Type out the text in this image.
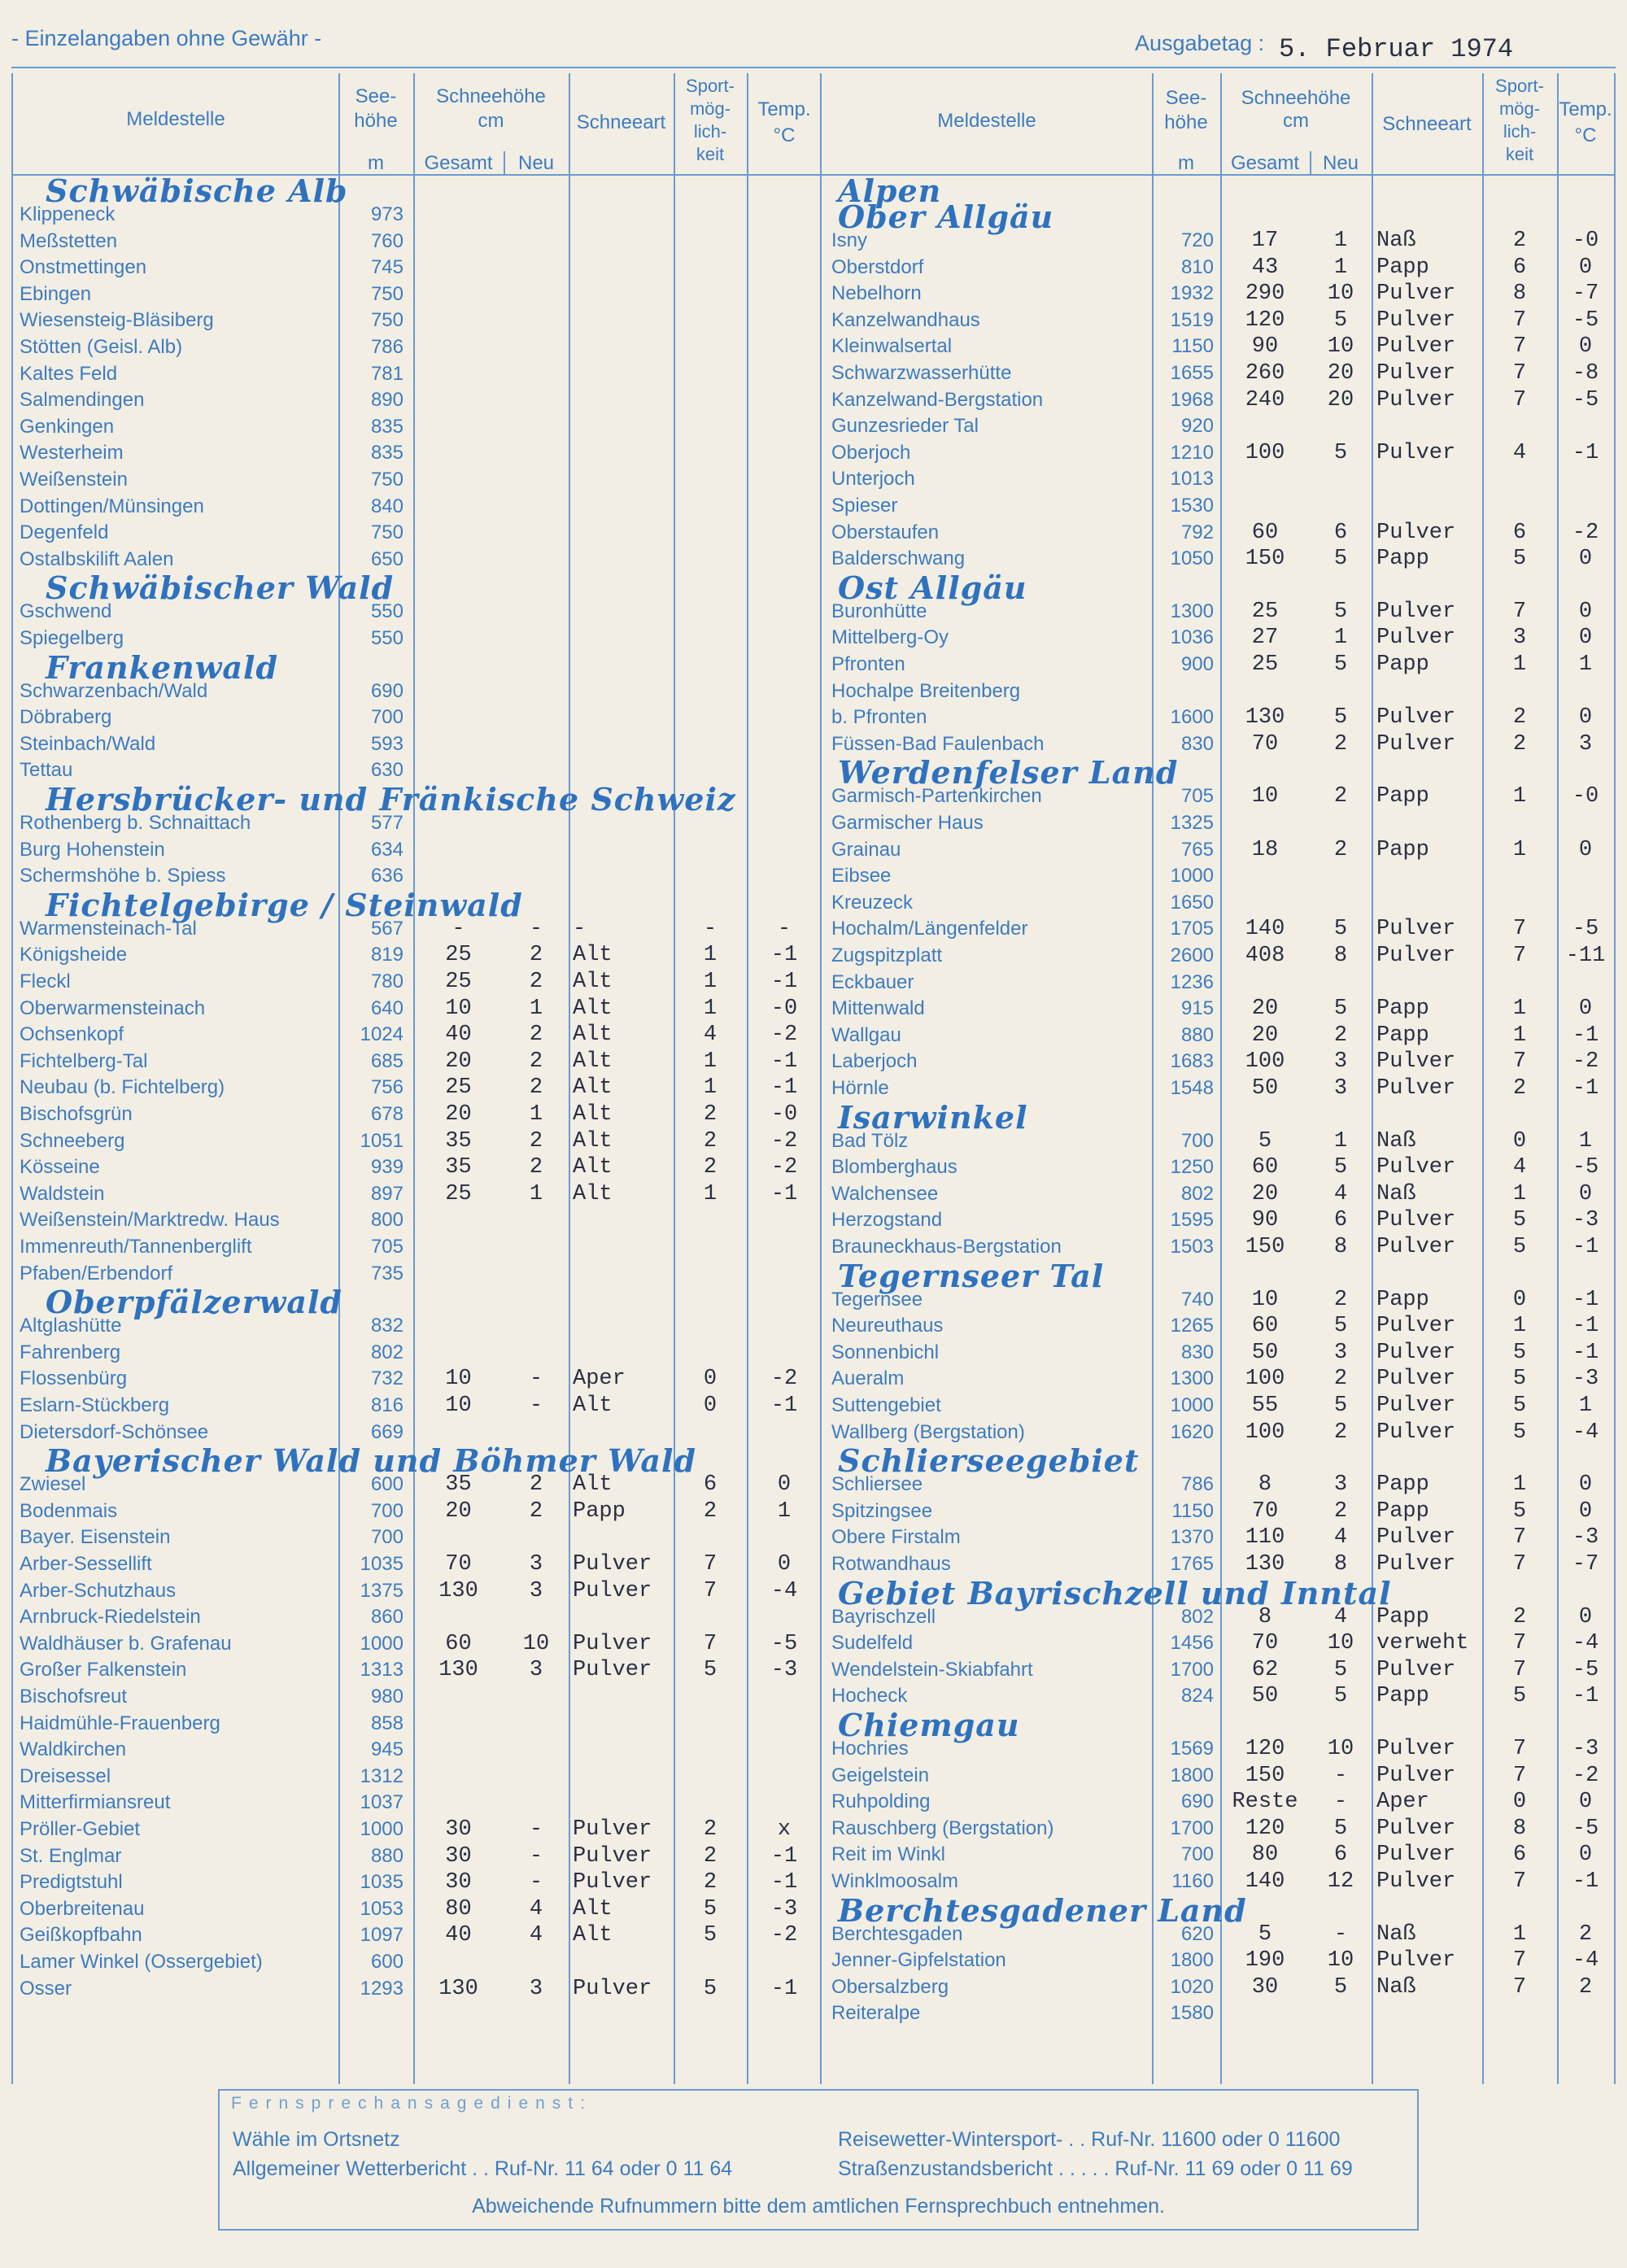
- Einzelangaben ohne Gewähr -	Ausgabetag : 5. Februar 1974
Meldestelle
See-
höhe
m
Schneehöhe
cm
Gesamt	Neu
Schneeart
Sport-
mög-
lich-
keit
Temp.
°C
Schwäbische Alb
Klippeneck	973
Meßstetten	760
Onstmettingen	745
Ebingen	750
Wiesensteig-Bläsiberg	750
Stötten (Geisl. Alb)	786
Kaltes Feld	781
Salmendingen	890
Genkingen	835
Westerheim	835
Weißenstein	750
Dottingen/Münsingen	840
Degenfeld	750
Ostalbskilift Aalen	650
Schwäbischer Wald
Gschwend	550
Spiegelberg	550
Frankenwald
Schwarzenbach/Wald	690
Döbraberg	700
Steinbach/Wald	593
Tettau	630
Hersbrücker- und Fränkische Schweiz
Rothenberg b. Schnaittach	577
Burg Hohenstein	634
Schermshöhe b. Spiess	636
Fichtelgebirge / Steinwald
Warmensteinach-Tal	567	-	-	-	-	-
Königsheide	819	25	2	Alt	1	-1
Fleckl	780	25	2	Alt	1	-1
Oberwarmensteinach	640	10	1	Alt	1	-0
Ochsenkopf	1024	40	2	Alt	4	-2
Fichtelberg-Tal	685	20	2	Alt	1	-1
Neubau (b. Fichtelberg)	756	25	2	Alt	1	-1
Bischofsgrün	678	20	1	Alt	2	-0
Schneeberg	1051	35	2	Alt	2	-2
Kösseine	939	35	2	Alt	2	-2
Waldstein	897	25	1	Alt	1	-1
Weißenstein/Marktredw. Haus	800
Immenreuth/Tannenberglift	705
Pfaben/Erbendorf	735
Oberpfälzerwald
Altglashütte	832
Fahrenberg	802
Flossenbürg	732	10	-	Aper	0	-2
Eslarn-Stückberg	816	10	-	Alt	0	-1
Dietersdorf-Schönsee	669
Bayerischer Wald und Böhmer Wald
Zwiesel	600	35	2	Alt	6	0
Bodenmais	700	20	2	Papp	2	1
Bayer. Eisenstein	700
Arber-Sessellift	1035	70	3	Pulver	7	0
Arber-Schutzhaus	1375	130	3	Pulver	7	-4
Arnbruck-Riedelstein	860
Waldhäuser b. Grafenau	1000	60	10	Pulver	7	-5
Großer Falkenstein	1313	130	3	Pulver	5	-3
Bischofsreut	980
Haidmühle-Frauenberg	858
Waldkirchen	945
Dreisessel	1312
Mitterfirmiansreut	1037
Pröller-Gebiet	1000	30	-	Pulver	2	x
St. Englmar	880	30	-	Pulver	2	-1
Predigtstuhl	1035	30	-	Pulver	2	-1
Oberbreitenau	1053	80	4	Alt	5	-3
Geißkopfbahn	1097	40	4	Alt	5	-2
Lamer Winkel (Ossergebiet)	600
Osser	1293	130	3	Pulver	5	-1
Meldestelle
See-
höhe
m
Schneehöhe
cm
Gesamt	Neu
Schneeart
Sport-
mög-
lich-
keit
Temp.
°C
Alpen
Ober Allgäu
Isny	720	17	1	Naß	2	-0
Oberstdorf	810	43	1	Papp	6	0
Nebelhorn	1932	290	10	Pulver	8	-7
Kanzelwandhaus	1519	120	5	Pulver	7	-5
Kleinwalsertal	1150	90	10	Pulver	7	0
Schwarzwasserhütte	1655	260	20	Pulver	7	-8
Kanzelwand-Bergstation	1968	240	20	Pulver	7	-5
Gunzesrieder Tal	920
Oberjoch	1210	100	5	Pulver	4	-1
Unterjoch	1013
Spieser	1530
Oberstaufen	792	60	6	Pulver	6	-2
Balderschwang	1050	150	5	Papp	5	0
Ost Allgäu
Buronhütte	1300	25	5	Pulver	7	0
Mittelberg-Oy	1036	27	1	Pulver	3	0
Pfronten	900	25	5	Papp	1	1
Hochalpe Breitenberg
b. Pfronten	1600	130	5	Pulver	2	0
Füssen-Bad Faulenbach	830	70	2	Pulver	2	3
Werdenfelser Land
Garmisch-Partenkirchen	705	10	2	Papp	1	-0
Garmischer Haus	1325
Grainau	765	18	2	Papp	1	0
Eibsee	1000
Kreuzeck	1650
Hochalm/Längenfelder	1705	140	5	Pulver	7	-5
Zugspitzplatt	2600	408	8	Pulver	7	-11
Eckbauer	1236
Mittenwald	915	20	5	Papp	1	0
Wallgau	880	20	2	Papp	1	-1
Laberjoch	1683	100	3	Pulver	7	-2
Hörnle	1548	50	3	Pulver	2	-1
Isarwinkel
Bad Tölz	700	5	1	Naß	0	1
Blomberghaus	1250	60	5	Pulver	4	-5
Walchensee	802	20	4	Naß	1	0
Herzogstand	1595	90	6	Pulver	5	-3
Brauneckhaus-Bergstation	1503	150	8	Pulver	5	-1
Tegernseer Tal
Tegernsee	740	10	2	Papp	0	-1
Neureuthaus	1265	60	5	Pulver	1	-1
Sonnenbichl	830	50	3	Pulver	5	-1
Aueralm	1300	100	2	Pulver	5	-3
Suttengebiet	1000	55	5	Pulver	5	1
Wallberg (Bergstation)	1620	100	2	Pulver	5	-4
Schlierseegebiet
Schliersee	786	8	3	Papp	1	0
Spitzingsee	1150	70	2	Papp	5	0
Obere Firstalm	1370	110	4	Pulver	7	-3
Rotwandhaus	1765	130	8	Pulver	7	-7
Gebiet Bayrischzell und Inntal
Bayrischzell	802	8	4	Papp	2	0
Sudelfeld	1456	70	10	verweht	7	-4
Wendelstein-Skiabfahrt	1700	62	5	Pulver	7	-5
Hocheck	824	50	5	Papp	5	-1
Chiemgau
Hochries	1569	120	10	Pulver	7	-3
Geigelstein	1800	150	-	Pulver	7	-2
Ruhpolding	690 Reste	-	Aper	0	0
Rauschberg (Bergstation)	1700	120	5	Pulver	8	-5
Reit im Winkl	700	80	6	Pulver	6	0
Winklmoosalm	1160	140	12	Pulver	7	-1
Berchtesgadener Land
Berchtesgaden	620	5	-	Naß	1	2
Jenner-Gipfelstation	1800	190	10	Pulver	7	-4
Obersalzberg	1020	30	5	Naß	7	2
Reiteralpe	1580
Fernsprechansagedienst:
Wähle im Ortsnetz
Allgemeiner Wetterbericht . . Ruf-Nr. 11 64 oder 0 11 64
Reisewetter-Wintersport- . . Ruf-Nr. 11600 oder 0 11600
Straßenzustandsbericht . . . . . Ruf-Nr. 11 69 oder 0 11 69
Abweichende Rufnummern bitte dem amtlichen Fernsprechbuch entnehmen.
